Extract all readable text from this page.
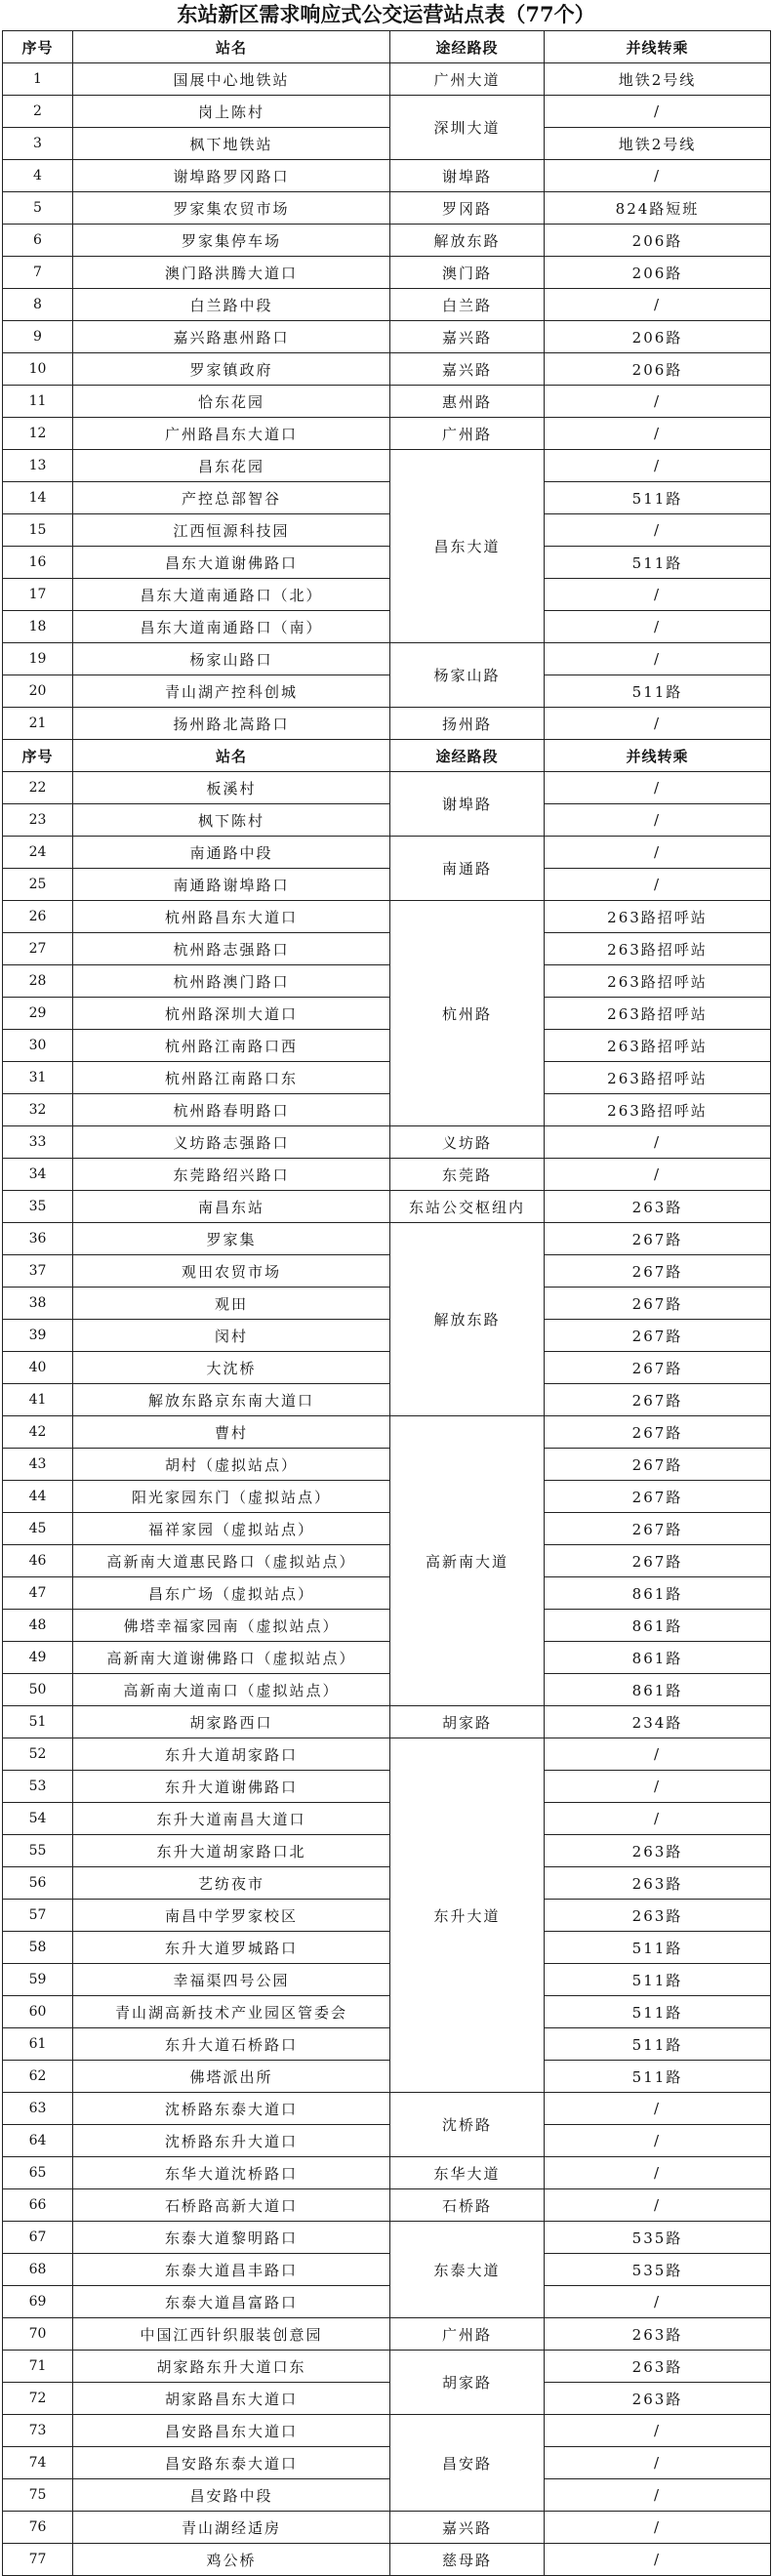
东站新区需求响应式公交运营站点表（77个）
序号	站名	途经路段	并线转乘
1	国展中心地铁站	广州大道	地铁2号线
2	岗上陈村	深圳大道	/
3	枫下地铁站		地铁2号线
4	谢埠路罗冈路口	谢埠路	/
5	罗家集农贸市场	罗冈路	824路短班
6	罗家集停车场	解放东路	206路
7	澳门路洪腾大道口	澳门路	206路
8	白兰路中段	白兰路	/
9	嘉兴路惠州路口	嘉兴路	206路
10	罗家镇政府	嘉兴路	206路
11	恰东花园	惠州路	/
12	广州路昌东大道口	广州路	/
13	昌东花园	昌东大道	/
14	产控总部智谷		511路
15	江西恒源科技园		/
16	昌东大道谢佛路口		511路
17	昌东大道南通路口（北）		/
18	昌东大道南通路口（南）		/
19	杨家山路口	杨家山路	/
20	青山湖产控科创城		511路
21	扬州路北嵩路口	扬州路	/
序号	站名	途经路段	并线转乘
22	板溪村	谢埠路	/
23	枫下陈村		/
24	南通路中段	南通路	/
25	南通路谢埠路口		/
26	杭州路昌东大道口	杭州路	263路招呼站
27	杭州路志强路口		263路招呼站
28	杭州路澳门路口		263路招呼站
29	杭州路深圳大道口		263路招呼站
30	杭州路江南路口西		263路招呼站
31	杭州路江南路口东		263路招呼站
32	杭州路春明路口		263路招呼站
33	义坊路志强路口	义坊路	/
34	东莞路绍兴路口	东莞路	/
35	南昌东站	东站公交枢纽内	263路
36	罗家集	解放东路	267路
37	观田农贸市场		267路
38	观田		267路
39	闵村		267路
40	大沈桥		267路
41	解放东路京东南大道口		267路
42	曹村	高新南大道	267路
43	胡村（虚拟站点）		267路
44	阳光家园东门（虚拟站点）		267路
45	福祥家园（虚拟站点）		267路
46	高新南大道惠民路口（虚拟站点）		267路
47	昌东广场（虚拟站点）		861路
48	佛塔幸福家园南（虚拟站点）		861路
49	高新南大道谢佛路口（虚拟站点）		861路
50	高新南大道南口（虚拟站点）		861路
51	胡家路西口	胡家路	234路
52	东升大道胡家路口	东升大道	/
53	东升大道谢佛路口		/
54	东升大道南昌大道口		/
55	东升大道胡家路口北		263路
56	艺纺夜市		263路
57	南昌中学罗家校区		263路
58	东升大道罗城路口		511路
59	幸福渠四号公园		511路
60	青山湖高新技术产业园区管委会		511路
61	东升大道石桥路口		511路
62	佛塔派出所		511路
63	沈桥路东泰大道口	沈桥路	/
64	沈桥路东升大道口		/
65	东华大道沈桥路口	东华大道	/
66	石桥路高新大道口	石桥路	/
67	东泰大道黎明路口	东泰大道	535路
68	东泰大道昌丰路口		535路
69	东泰大道昌富路口		/
70	中国江西针织服装创意园	广州路	263路
71	胡家路东升大道口东	胡家路	263路
72	胡家路昌东大道口		263路
73	昌安路昌东大道口	昌安路	/
74	昌安路东泰大道口		/
75	昌安路中段		/
76	青山湖经适房	嘉兴路	/
77	鸡公桥	慈母路	/
